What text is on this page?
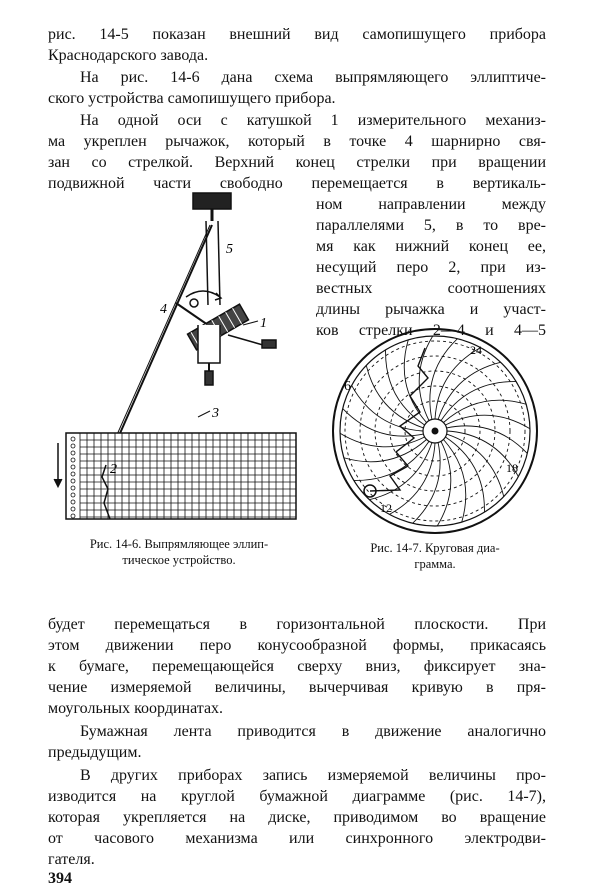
рис. 14-5 показан внешний вид самопишущего прибора
Краснодарского завода.
На рис. 14-6 дана схема выпрямляющего эллиптиче-
ского устройства самопишущего прибора.
На одной оси с катушкой 1 измерительного механиз-
ма укреплен рычажок, который в точке 4 шарнирно свя-
зан со стрелкой. Верхний конец стрелки при вращении
подвижной части свободно перемещается в вертикаль-
ном направлении между
параллелями 5, в то вре-
мя как нижний конец ее,
несущий перо 2, при из-
вестных соотношениях
длины рычажка и участ-
ков стрелки 2—4 и 4—5
5
4
1
3
2
24
6
18
12
Рис. 14-6. Выпрямляющее эллип-
тическое устройство.
Рис. 14-7. Круговая диа-
грамма.
будет перемещаться в горизонтальной плоскости. При
этом движении перо конусообразной формы, прикасаясь
к бумаге, перемещающейся сверху вниз, фиксирует зна-
чение измеряемой величины, вычерчивая кривую в пря-
моугольных координатах.
Бумажная лента приводится в движение аналогично
предыдущим.
В других приборах запись измеряемой величины про-
изводится на круглой бумажной диаграмме (рис. 14-7),
которая укрепляется на диске, приводимом во вращение
от часового механизма или синхронного электродви-
гателя.
394
